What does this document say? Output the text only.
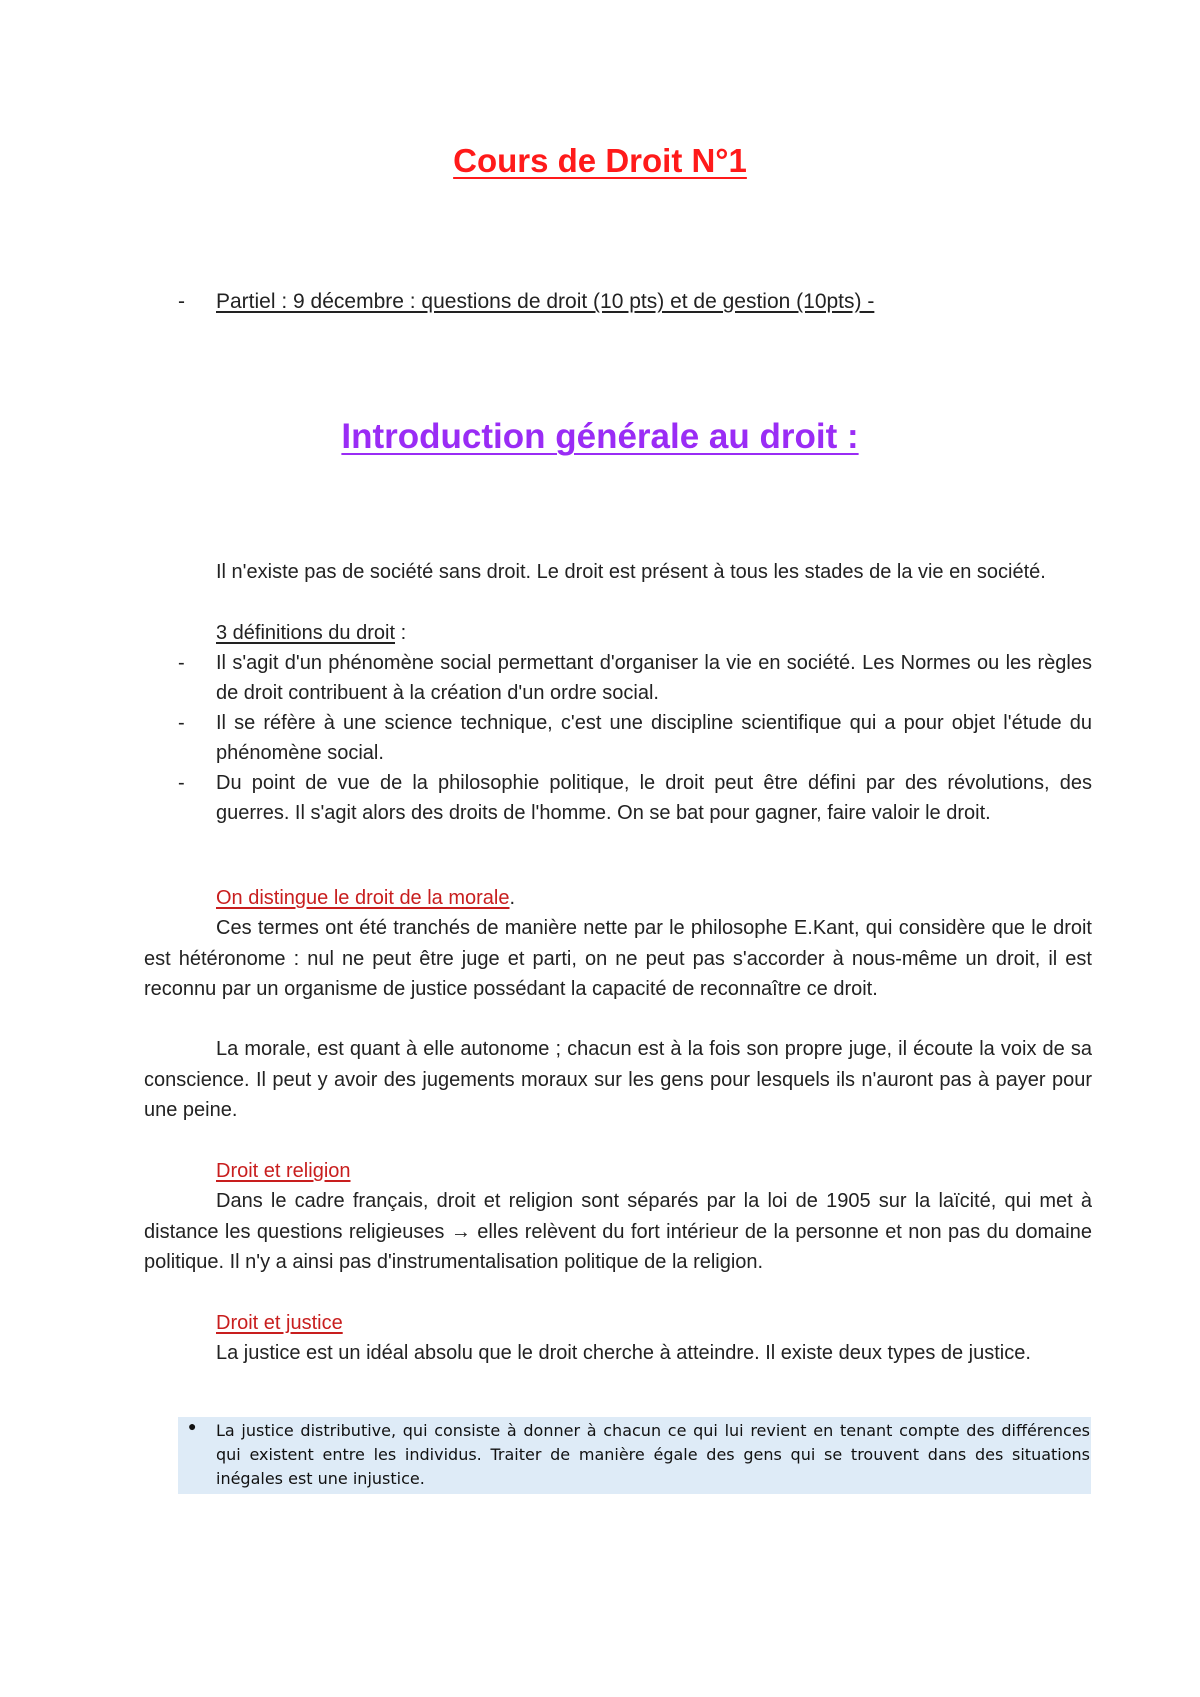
Cours de Droit N°1
- Partiel : 9 décembre : questions de droit (10 pts) et de gestion (10pts) -
Introduction générale au droit :

Il n'existe pas de société sans droit. Le droit est présent à tous les stades de la vie en société.

3 définitions du droit :
- Il s'agit d'un phénomène social permettant d'organiser la vie en société. Les Normes ou les règles de droit contribuent à la création d'un ordre social.
- Il se réfère à une science technique, c'est une discipline scientifique qui a pour objet l'étude du phénomène social.
- Du point de vue de la philosophie politique, le droit peut être défini par des révolutions, des guerres. Il s'agit alors des droits de l'homme. On se bat pour gagner, faire valoir le droit.
On distingue le droit de la morale.

Ces termes ont été tranchés de manière nette par le philosophe E.Kant, qui considère que le droit est hétéronome : nul ne peut être juge et parti, on ne peut pas s'accorder à nous-même un droit, il est reconnu par un organisme de justice possédant la capacité de reconnaître ce droit.

La morale, est quant à elle autonome ; chacun est à la fois son propre juge, il écoute la voix de sa conscience. Il peut y avoir des jugements moraux sur les gens pour lesquels ils n'auront pas à payer pour une peine.

Droit et religion

Dans le cadre français, droit et religion sont séparés par la loi de 1905 sur la laïcité, qui met à distance les questions religieuses → elles relèvent du fort intérieur de la personne et non pas du domaine politique. Il n'y a ainsi pas d'instrumentalisation politique de la religion.

Droit et justice

La justice est un idéal absolu que le droit cherche à atteindre. Il existe deux types de justice.

● La justice distributive, qui consiste à donner à chacun ce qui lui revient en tenant compte des différences qui existent entre les individus. Traiter de manière égale des gens qui se trouvent dans des situations inégales est une injustice.
